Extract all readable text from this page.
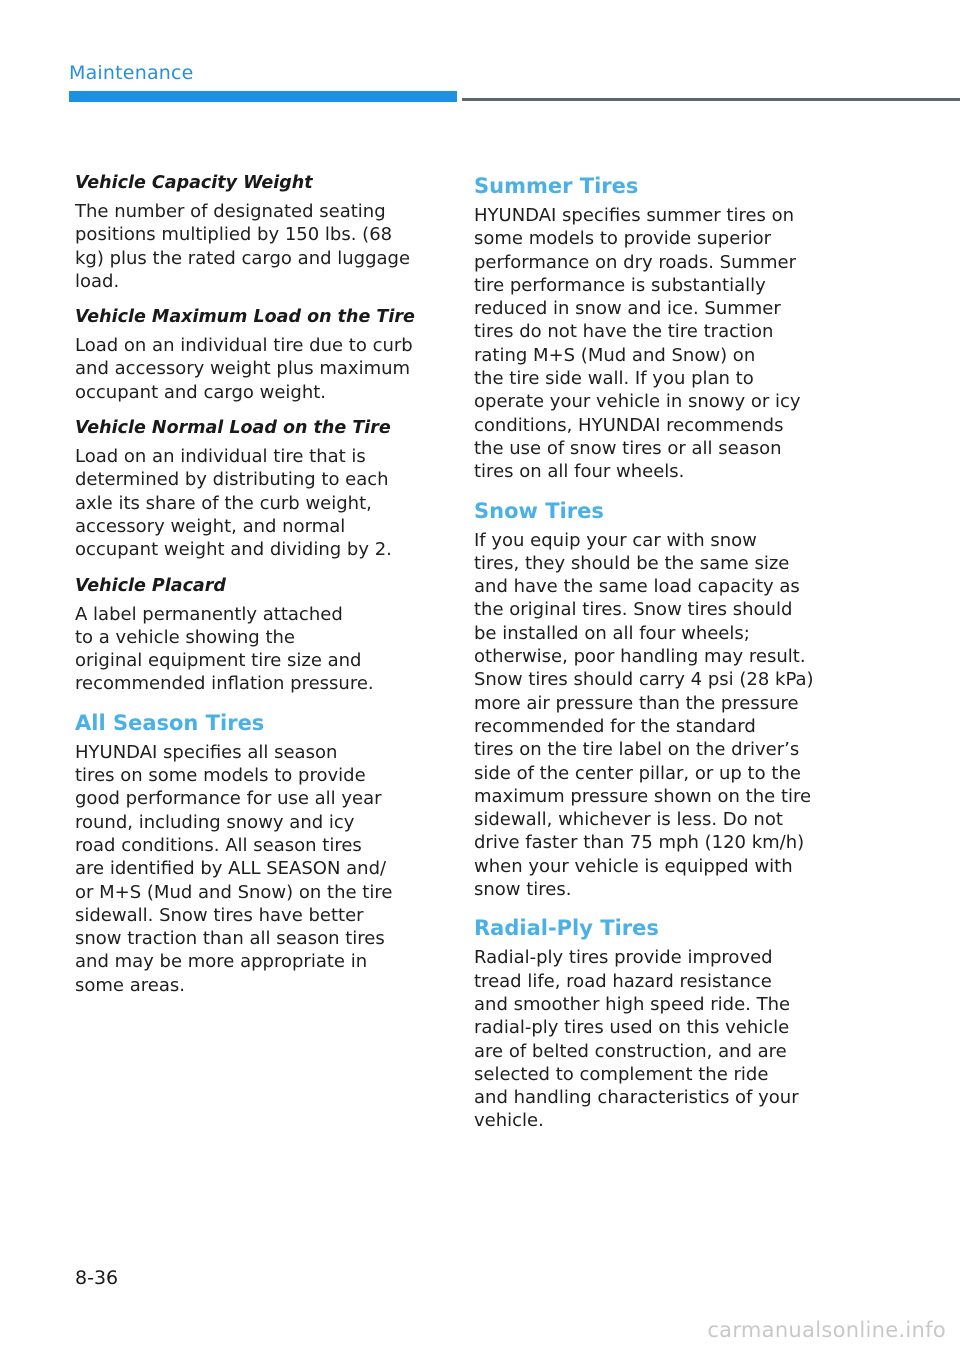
Maintenance
Vehicle Capacity Weight
The number of designated seating
positions multiplied by 150 lbs. (68
kg) plus the rated cargo and luggage
load.
Vehicle Maximum Load on the Tire
Load on an individual tire due to curb
and accessory weight plus maximum
occupant and cargo weight.
Vehicle Normal Load on the Tire
Load on an individual tire that is
determined by distributing to each
axle its share of the curb weight,
accessory weight, and normal
occupant weight and dividing by 2.
Vehicle Placard
A label permanently attached
to a vehicle showing the
original equipment tire size and
recommended inflation pressure.
All Season Tires
HYUNDAI specifies all season
tires on some models to provide
good performance for use all year
round, including snowy and icy
road conditions. All season tires
are identified by ALL SEASON and/
or M+S (Mud and Snow) on the tire
sidewall. Snow tires have better
snow traction than all season tires
and may be more appropriate in
some areas.
Summer Tires
HYUNDAI specifies summer tires on
some models to provide superior
performance on dry roads. Summer
tire performance is substantially
reduced in snow and ice. Summer
tires do not have the tire traction
rating M+S (Mud and Snow) on
the tire side wall. If you plan to
operate your vehicle in snowy or icy
conditions, HYUNDAI recommends
the use of snow tires or all season
tires on all four wheels.
Snow Tires
If you equip your car with snow
tires, they should be the same size
and have the same load capacity as
the original tires. Snow tires should
be installed on all four wheels;
otherwise, poor handling may result.
Snow tires should carry 4 psi (28 kPa)
more air pressure than the pressure
recommended for the standard
tires on the tire label on the driver’s
side of the center pillar, or up to the
maximum pressure shown on the tire
sidewall, whichever is less. Do not
drive faster than 75 mph (120 km/h)
when your vehicle is equipped with
snow tires.
Radial-Ply Tires
Radial-ply tires provide improved
tread life, road hazard resistance
and smoother high speed ride. The
radial-ply tires used on this vehicle
are of belted construction, and are
selected to complement the ride
and handling characteristics of your
vehicle.
8-36
carmanualsonline.info
